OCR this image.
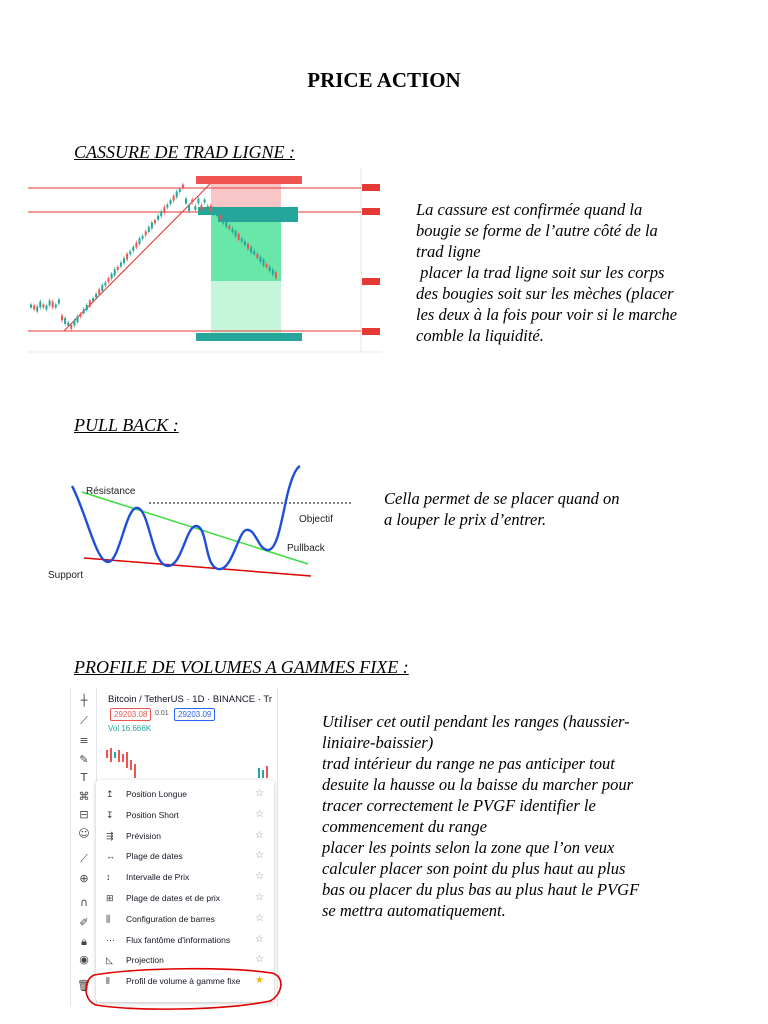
PRICE ACTION
CASSURE DE TRAD LIGNE :
La cassure est confirmée quand la
bougie se forme de l’autre côté de la
trad ligne
placer la trad ligne soit sur les corps
des bougies soit sur les mèches (placer
les deux à la fois pour voir si le marche
comble la liquidité.
PULL BACK :
Résistance
Objectif
Pullback
Support
Cella permet de se placer quand on
a louper le prix d’entrer.
PROFILE DE VOLUMES A GAMMES FIXE :
┼
⟋
≡
✎
T
⌘
⊟
☺
⟋
⊕
∩
✐
🔒︎
◉
🗑︎
Bitcoin / TetherUS · 1D · BINANCE · Tr
29203.08	0.01	29203.09
Vol 16.666K
↥ Position Longue	☆
↧ Position Short	☆
⇶ Prévision	☆
↔ Plage de dates	☆
↕ Intervalle de Prix	☆
⊞ Plage de dates et de prix	☆
⫼ Configuration de barres	☆
⋯ Flux fantôme d'informations ☆
◺ Projection	☆
⫴ Profil de volume à gamme fixe ★
Utiliser cet outil pendant les ranges (haussier-
liniaire-baissier)
trad intérieur du range ne pas anticiper tout
desuite la hausse ou la baisse du marcher pour
tracer correctement le PVGF identifier le
commencement du range
placer les points selon la zone que l’on veux
calculer placer son point du plus haut au plus
bas ou placer du plus bas au plus haut le PVGF
se mettra automatiquement.
